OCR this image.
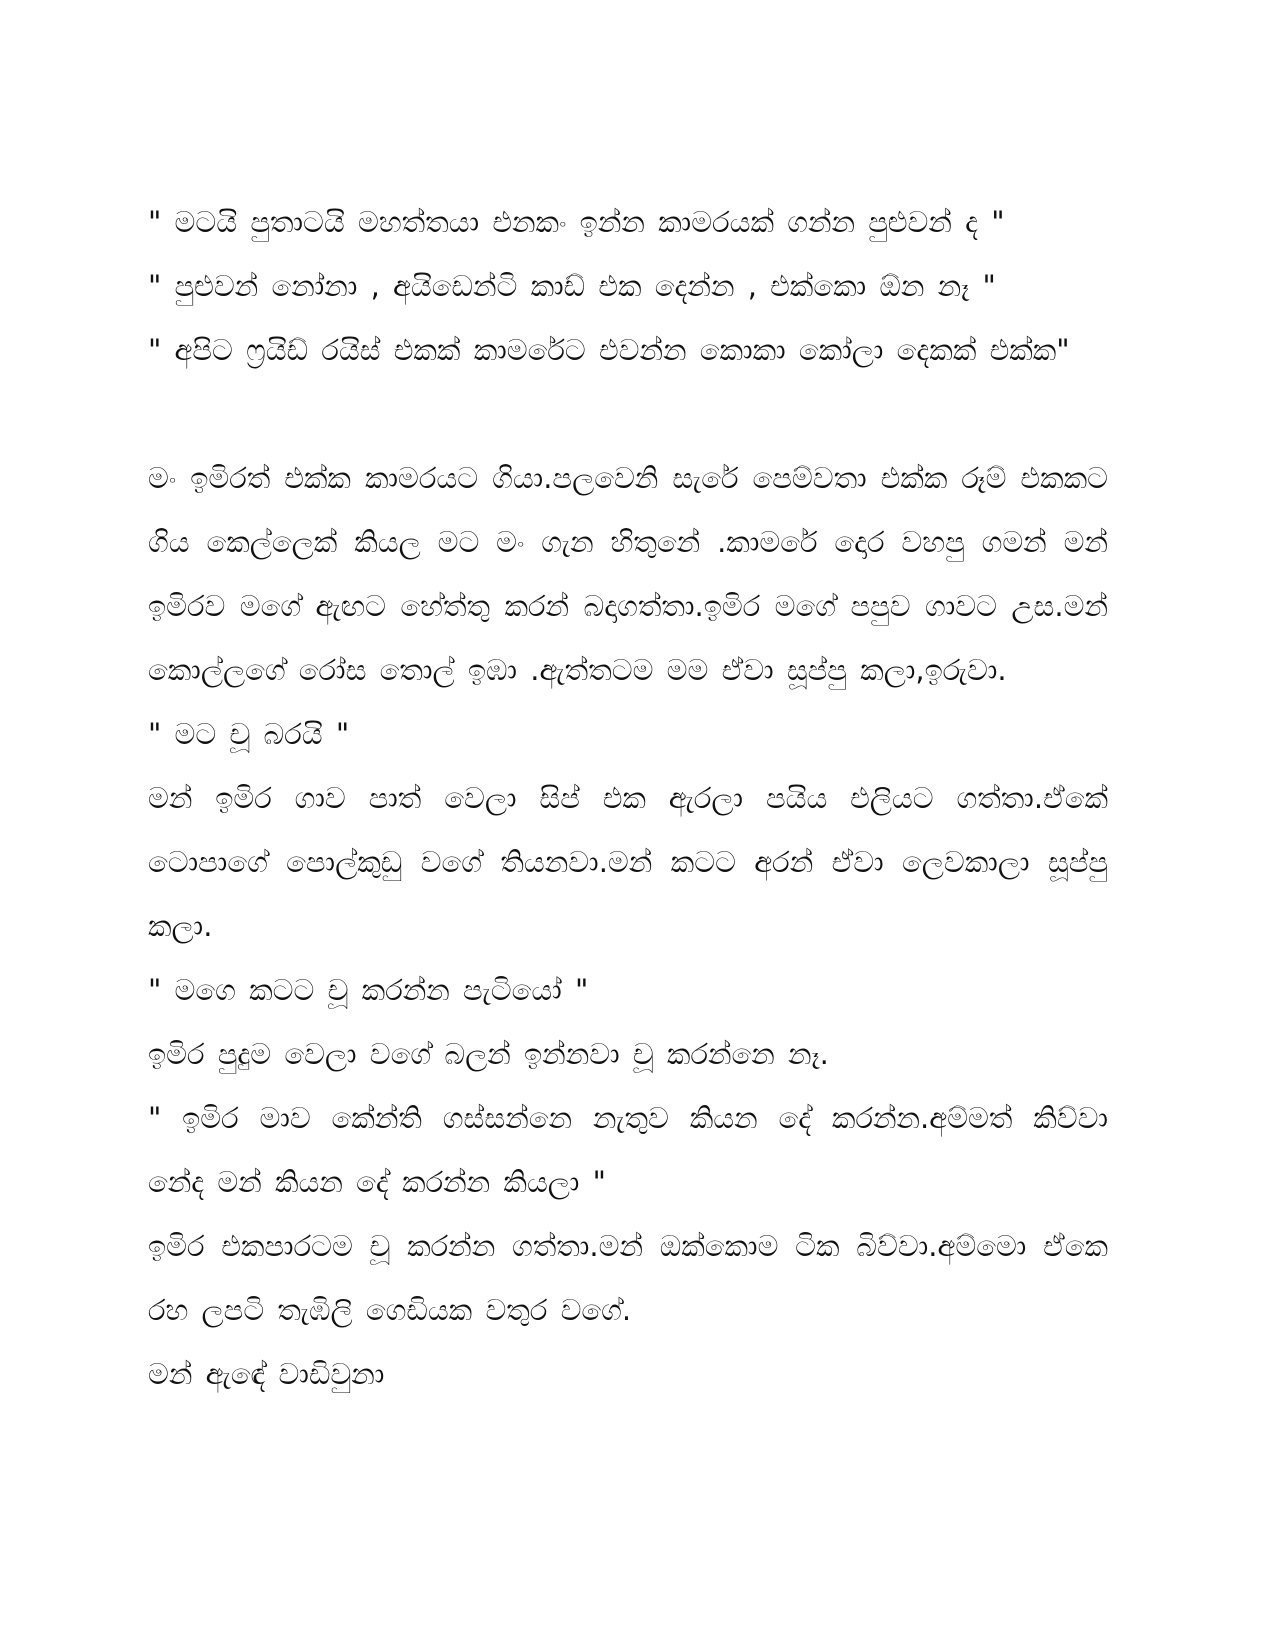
" මටයි පුතාටයි මහත්තයා එනකං ඉන්න කාමරයක් ගන්න පුළුවන් ද "

" පුළුවන් නෝනා , අයිඩෙන්ටි කාඩ් එක දෙන්න , එක්කො ඕන නෑ "

" අපිට ෆ්‍රයිඩ් රයිස් එකක් කාමරේට එවන්න කොකා කෝලා දෙකක් එක්ක"

මං ඉමිරත් එක්ක කාමරයට ගියා.පලවෙනි සැරේ පෙම්වතා එක්ක රූම් එකකට ගිය කෙල්ලෙක් කියල මට මං ගැන හිතුනේ .කාමරේ දොර වහපු ගමන් මන් ඉමිරව මගේ ඇඟට හේත්තු කරන් බදාගත්තා.ඉමිර මගේ පපුව ගාවට උස.මන් කොල්ලගේ රෝස තොල් ඉඹා .ඇත්තටම මම ඒවා සූප්පු කලා,ඉරුවා.

" මට චූ බරයි "

මන් ඉමිර ගාව පාත් වෙලා සිප් එක ඇරලා පයිය එලියට ගත්තා.ඒකේ ටොපාගේ පොල්කුඩු වගේ තියනවා.මන් කටට අරන් ඒවා ලෙවකාලා සූප්පු කලා.

" මගෙ කටට චූ කරන්න පැටියෝ "

ඉමිර පුදුම වෙලා වගේ බලන් ඉන්නවා චූ කරන්නෙ නෑ.

" ඉමිර මාව කේන්ති ගස්සන්නෙ නැතුව කියන දේ කරන්න.අම්මත් කිව්වා නේද මන් කියන දේ කරන්න කියලා "

ඉමිර එකපාරටම චූ කරන්න ගත්තා.මන් ඔක්කොම ටික බිව්වා.අම්මො ඒකෙ රහ ලපටි තැඹිලි ගෙඩියක වතුර වගේ.

මන් ඇඳේ වාඩිවුනා
